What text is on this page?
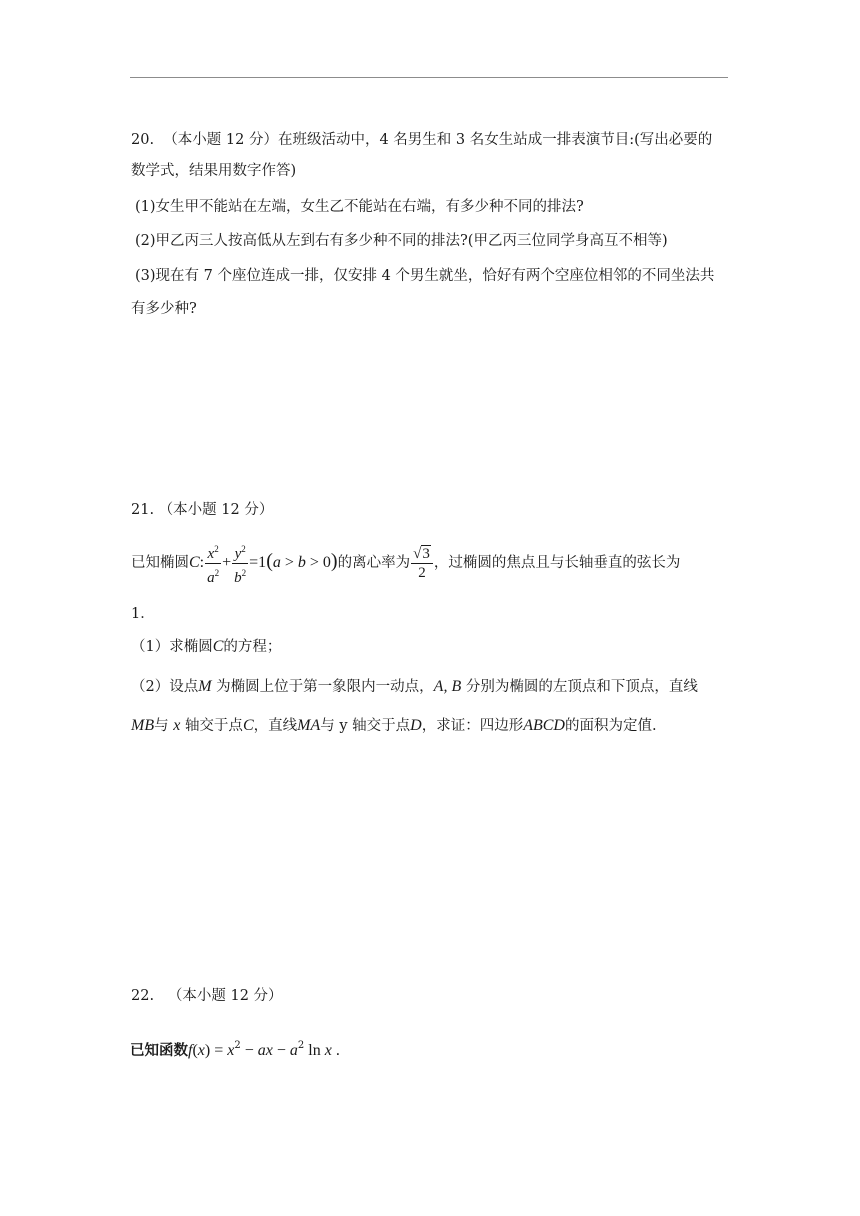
20. （本小题 12 分）在班级活动中，4 名男生和 3 名女生站成一排表演节目:(写出必要的
数学式，结果用数字作答)
(1)女生甲不能站在左端，女生乙不能站在右端，有多少种不同的排法?
(2)甲乙丙三人按高低从左到右有多少种不同的排法?(甲乙丙三位同学身高互不相等)
(3)现在有 7 个座位连成一排，仅安排 4 个男生就坐，恰好有两个空座位相邻的不同坐法共
有多少种?
21. （本小题 12 分）
已知椭圆C: $\frac{x^2}{a^2} + \frac{y^2}{b^2} =1(a > b > 0)$的离心率为 $\frac{√3}{2}$ ，过椭圆的焦点且与长轴垂直的弦长为
1．
（1）求椭圆C的方程；
（2）设点M 为椭圆上位于第一象限内一动点，A, B 分别为椭圆的左顶点和下顶点，直线
MB与 x 轴交于点C，直线MA与 y 轴交于点D，求证：四边形ABCD的面积为定值.
22. （本小题 12 分）
已知函数$f(x) = x^2$ − ax − $a^2$ ln x .
